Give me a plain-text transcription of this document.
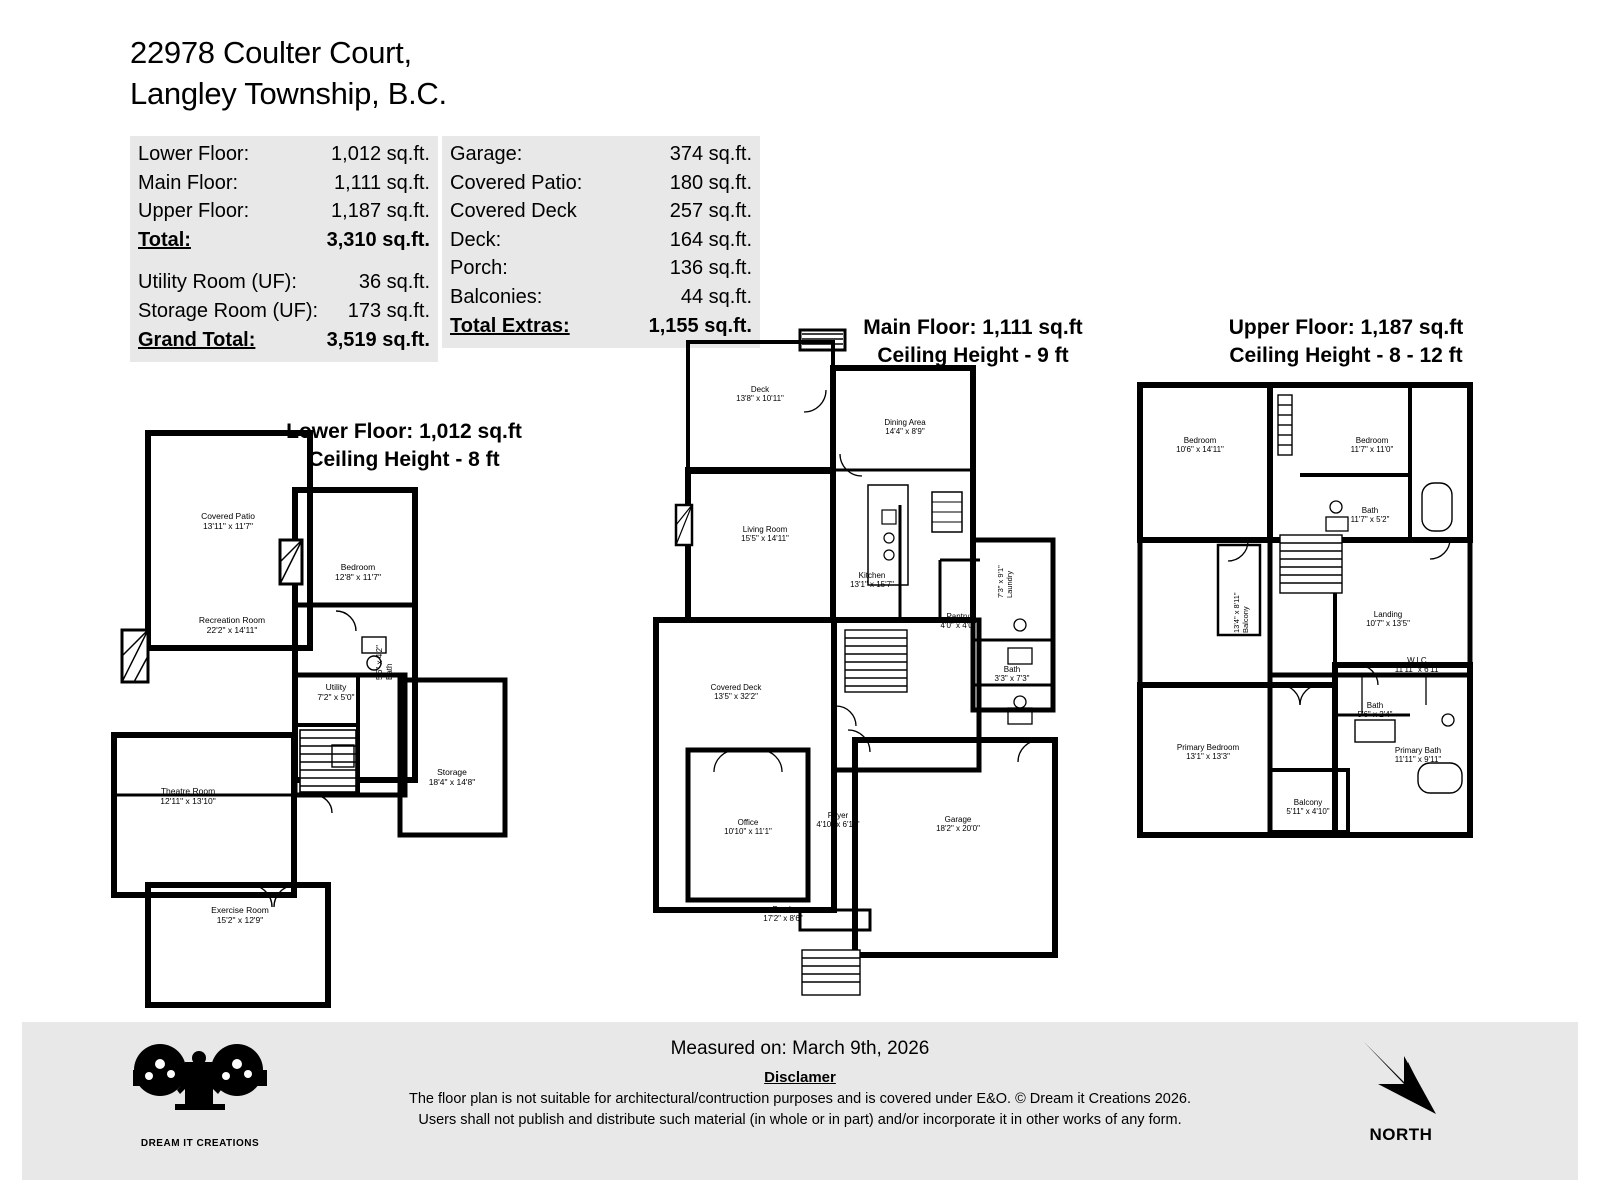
22978 Coulter Court,
Langley Township, B.C.
Lower Floor:	1,012 sq.ft.
Main Floor:	1,111 sq.ft.
Upper Floor:	1,187 sq.ft.
Total:	3,310 sq.ft.

Utility Room (UF):	36 sq.ft.
Storage Room (UF):	173 sq.ft.
Grand Total:	3,519 sq.ft.
Garage:	374 sq.ft.
Covered Patio:	180 sq.ft.
Covered Deck	257 sq.ft.
Deck:	164 sq.ft.
Porch:	136 sq.ft.
Balconies:	44 sq.ft.
Total Extras:	1,155 sq.ft.
Lower Floor: 1,012 sq.ft
Ceiling Height - 8 ft
Main Floor: 1,111 sq.ft
Ceiling Height - 9 ft
Upper Floor: 1,187 sq.ft
Ceiling Height - 8 - 12 ft
Covered Patio
13'11" x 11'7"
Bedroom
12'8" x 11'7"
Recreation Room
22'2" x 14'11"
Utility
7'2" x 5'0"
Storage
18'4" x 14'8"
Theatre Room
12'11" x 13'10"
Exercise Room
15'2" x 12'9"
Bath
5'6" x 4'2"
Deck
13'8" x 10'11"
Dining Area
14'4" x 8'9"
Living Room
15'5" x 14'11"
Kitchen
13'1" x 15'7"
Pantry
4'0" x 4'0"
Bath
3'3" x 7'3"
Covered Deck
13'5" x 32'2"
Office
10'10" x 11'1"
Foyer
4'10" x 6'11"
Garage
18'2" x 20'0"
Porch
17'2" x 8'6"
Laundry
7'3" x 9'1"
Bedroom
10'6" x 14'11"
Bedroom
11'7" x 11'0"
Bath
11'7" x 5'2"
Landing
10'7" x 13'5"
W.I.C.
11'11" x 6'11"
Bath
5'6" x 2'4"
Primary Bedroom
13'1" x 13'3"
Primary Bath
11'11" x 9'11"
Balcony
5'11" x 4'10"
Balcony
13'4" x 8'11"
DREAM IT CREATIONS
Measured on: March 9th, 2026
Disclamer
The floor plan is not suitable for architectural/contruction purposes and is covered under E&O. © Dream it Creations 2026.
Users shall not publish and distribute such material (in whole or in part) and/or incorporate it in other works of any form.
NORTH
